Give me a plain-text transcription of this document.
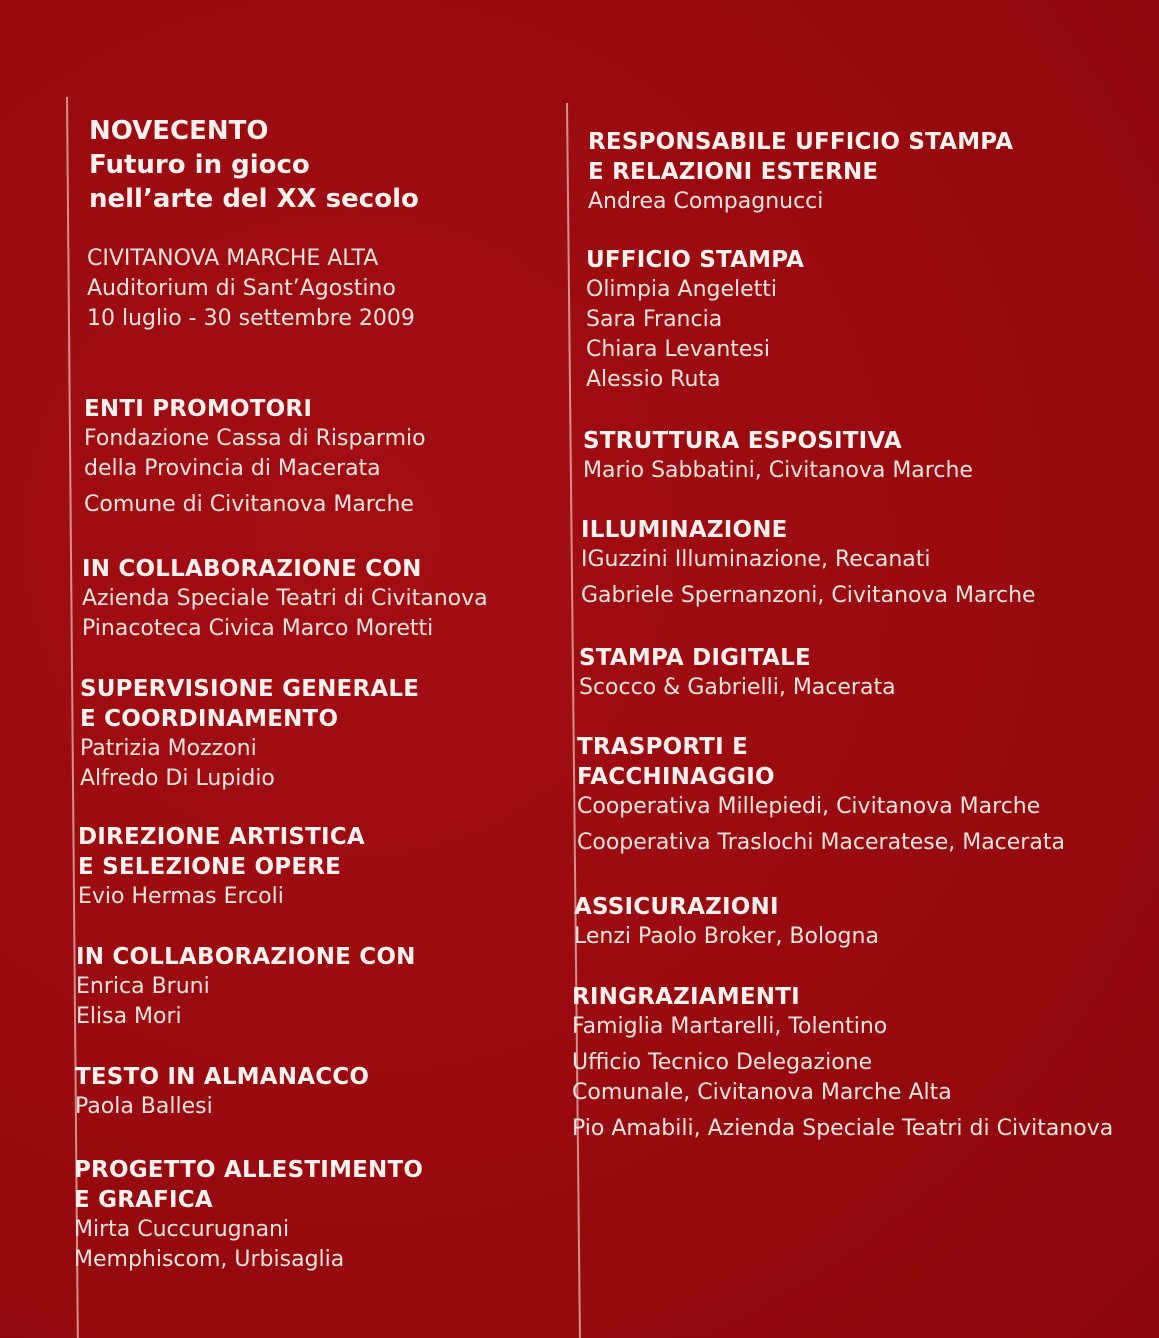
NOVECENTO
Futuro in gioco
nell’arte del XX secolo
CIVITANOVA MARCHE ALTA
Auditorium di Sant’Agostino
10 luglio - 30 settembre 2009
ENTI PROMOTORI
Fondazione Cassa di Risparmio
della Provincia di Macerata
Comune di Civitanova Marche
IN COLLABORAZIONE CON
Azienda Speciale Teatri di Civitanova
Pinacoteca Civica Marco Moretti
SUPERVISIONE GENERALE
E COORDINAMENTO
Patrizia Mozzoni
Alfredo Di Lupidio
DIREZIONE ARTISTICA
E SELEZIONE OPERE
Evio Hermas Ercoli
IN COLLABORAZIONE CON
Enrica Bruni
Elisa Mori
TESTO IN ALMANACCO
Paola Ballesi
PROGETTO ALLESTIMENTO
E GRAFICA
Mirta Cuccurugnani
Memphiscom, Urbisaglia
RESPONSABILE UFFICIO STAMPA
E RELAZIONI ESTERNE
Andrea Compagnucci
UFFICIO STAMPA
Olimpia Angeletti
Sara Francia
Chiara Levantesi
Alessio Ruta
STRUTTURA ESPOSITIVA
Mario Sabbatini, Civitanova Marche
ILLUMINAZIONE
IGuzzini Illuminazione, Recanati
Gabriele Spernanzoni, Civitanova Marche
STAMPA DIGITALE
Scocco & Gabrielli, Macerata
TRASPORTI E
FACCHINAGGIO
Cooperativa Millepiedi, Civitanova Marche
Cooperativa Traslochi Maceratese, Macerata
ASSICURAZIONI
Lenzi Paolo Broker, Bologna
RINGRAZIAMENTI
Famiglia Martarelli, Tolentino
Ufficio Tecnico Delegazione
Comunale, Civitanova Marche Alta
Pio Amabili, Azienda Speciale Teatri di Civitanova
